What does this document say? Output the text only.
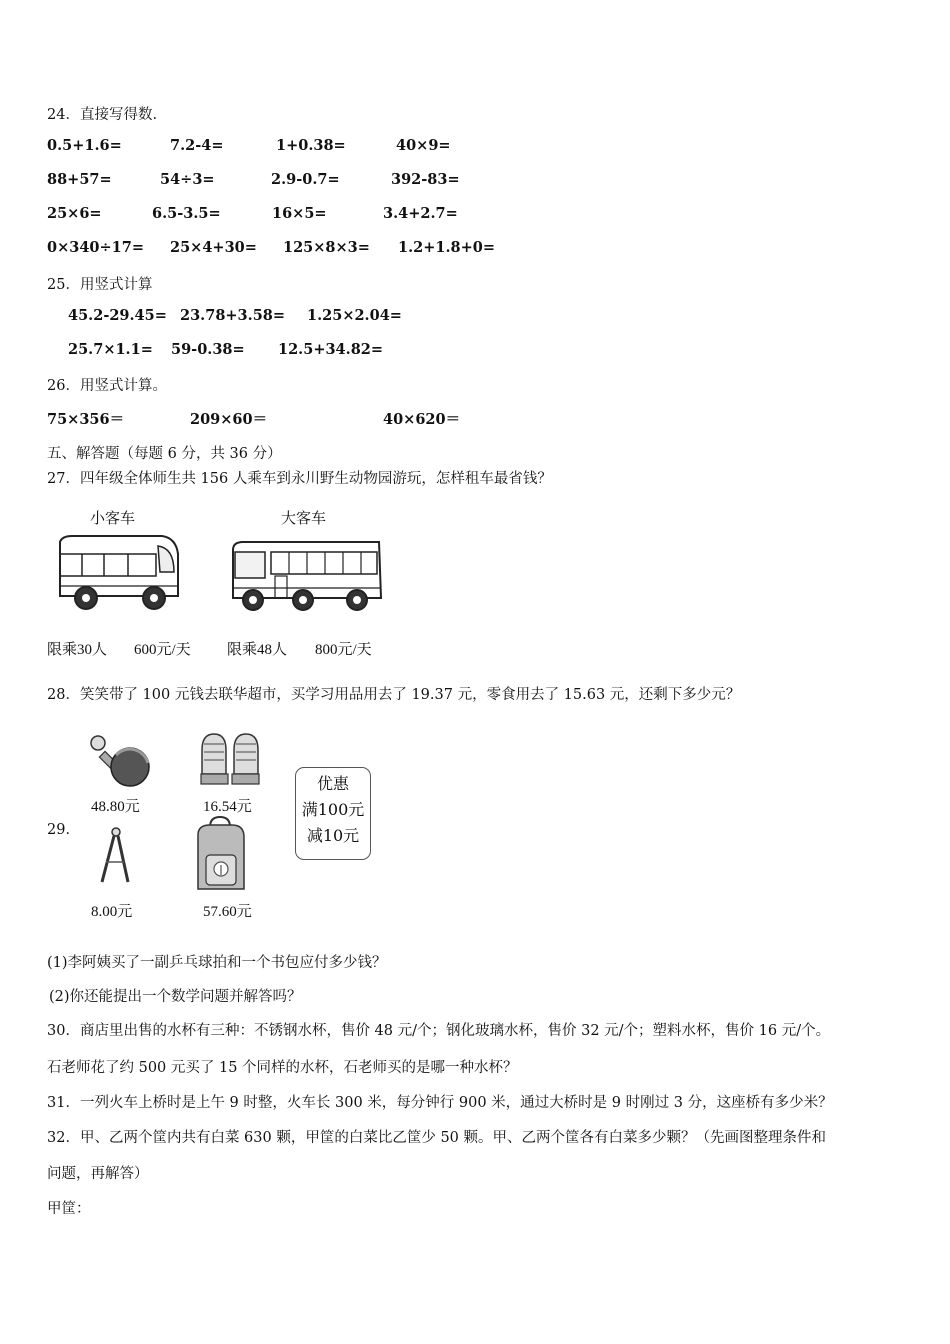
24．直接写得数.
0.5+1.6=	7.2-4=	1+0.38=	40×9=
88+57=	54÷3=	2.9-0.7=	392-83=
25×6=	6.5-3.5=	16×5=	3.4+2.7=
0×340÷17= 25×4+30= 125×8×3= 1.2+1.8+0=
25．用竖式计算
45.2-29.45= 23.78+3.58= 1.25×2.04=
25.7×1.1= 59-0.38= 12.5+34.82=
26．用竖式计算。
75×356＝	209×60＝	40×620＝
五、解答题（每题 6 分，共 36 分）
27．四年级全体师生共 156 人乘车到永川野生动物园游玩，怎样租车最省钱？
小客车
限乘30人 600元/天
大客车
限乘48人 800元/天
28．笑笑带了 100 元钱去联华超市，买学习用品用去了 19.37 元，零食用去了 15.63 元，还剩下多少元？
29．
48.80元	16.54元
优惠
满100元
减10元
8.00元	57.60元
(1)李阿姨买了一副乒乓球拍和一个书包应付多少钱？
(2)你还能提出一个数学问题并解答吗？
30．商店里出售的水杯有三种：不锈钢水杯，售价 48 元/个；钢化玻璃水杯，售价 32 元/个；塑料水杯，售价 16 元/个。
石老师花了约 500 元买了 15 个同样的水杯，石老师买的是哪一种水杯？
31．一列火车上桥时是上午 9 时整，火车长 300 米，每分钟行 900 米，通过大桥时是 9 时刚过 3 分，这座桥有多少米？
32．甲、乙两个筐内共有白菜 630 颗，甲筐的白菜比乙筐少 50 颗。甲、乙两个筐各有白菜多少颗？（先画图整理条件和
问题，再解答）
甲筐：
